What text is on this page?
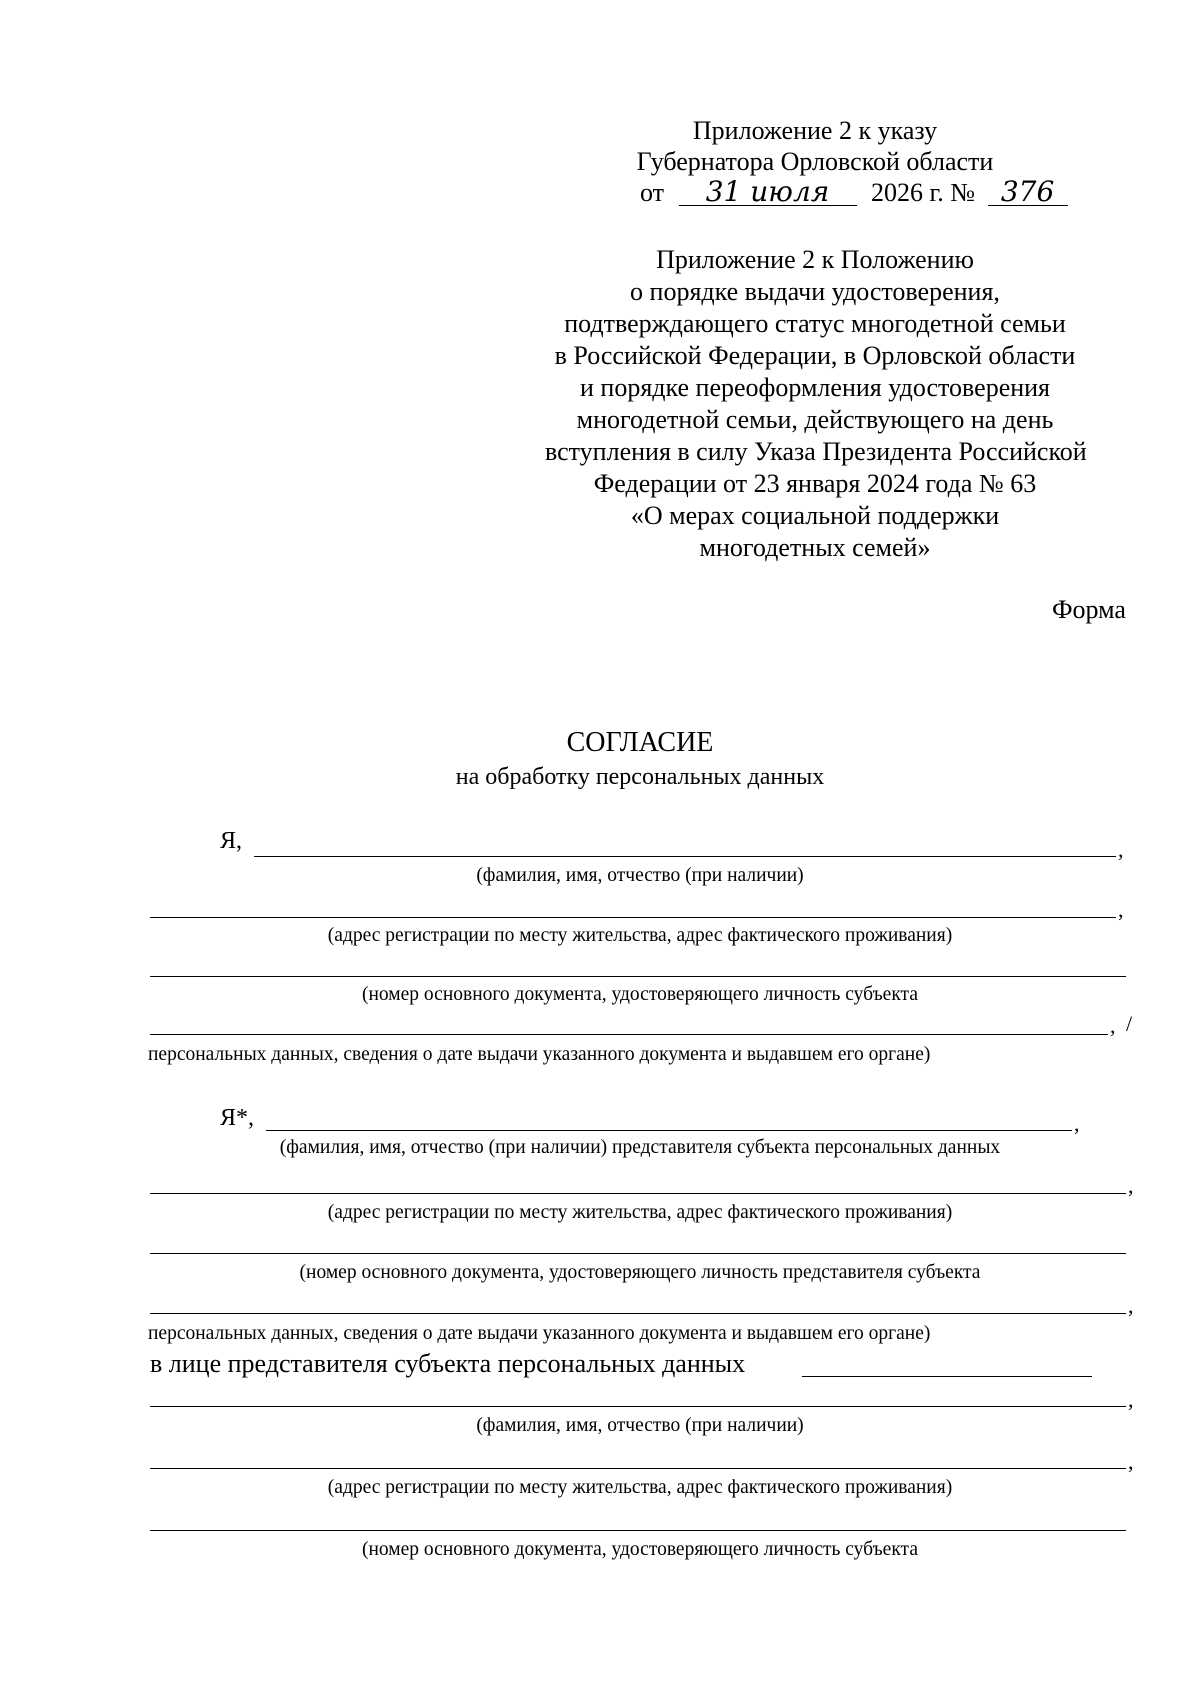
Приложение 2 к указу
Губернатора Орловской области
от 31 июля 2026 г. № 376
Приложение 2 к Положению
о порядке выдачи удостоверения,
подтверждающего статус многодетной семьи
в Российской Федерации, в Орловской области
и порядке переоформления удостоверения
многодетной семьи, действующего на день
вступления в силу Указа Президента Российской
Федерации от 23 января 2024 года № 63
«О мерах социальной поддержки
многодетных семей»
Форма
СОГЛАСИЕ
на обработку персональных данных
Я,	,
(фамилия, имя, отчество (при наличии)
,
(адрес регистрации по месту жительства, адрес фактического проживания)
(номер основного документа, удостоверяющего личность субъекта
, /
персональных данных, сведения о дате выдачи указанного документа и выдавшем его органе)
Я*,	,
(фамилия, имя, отчество (при наличии) представителя субъекта персональных данных
,
(адрес регистрации по месту жительства, адрес фактического проживания)
(номер основного документа, удостоверяющего личность представителя субъекта
,
персональных данных, сведения о дате выдачи указанного документа и выдавшем его органе)
в лице представителя субъекта персональных данных
,
(фамилия, имя, отчество (при наличии)
,
(адрес регистрации по месту жительства, адрес фактического проживания)
(номер основного документа, удостоверяющего личность субъекта
